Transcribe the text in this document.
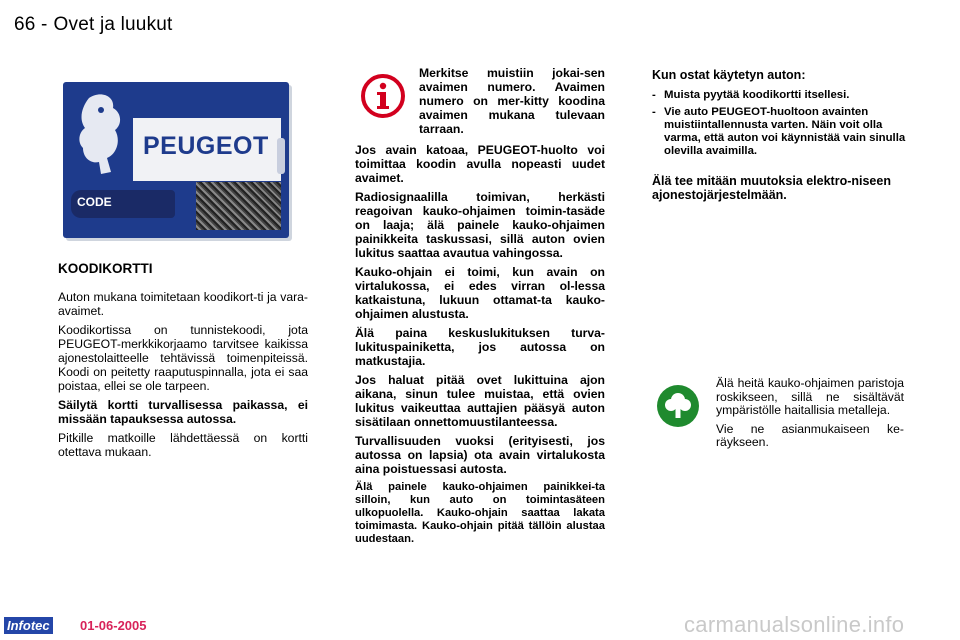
66 - Ovet ja luukut
PEUGEOT
CODE
KOODIKORTTI

Auton mukana toimitetaan koodikort-ti ja vara-avaimet.

Koodikortissa on tunnistekoodi, jota PEUGEOT-merkkikorjaamo tarvitsee kaikissa ajonestolaitteelle tehtävissä toimenpiteissä. Koodi on peitetty raaputuspinnalla, jota ei saa poistaa, ellei se ole tarpeen.

Säilytä kortti turvallisessa paikassa, ei missään tapauksessa autossa.

Pitkille matkoille lähdettäessä on kortti otettava mukaan.

Merkitse muistiin jokai-sen avaimen numero. Avaimen numero on mer-kitty koodina avaimen mukana tulevaan tarraan.

Jos avain katoaa, PEUGEOT-huolto voi toimittaa koodin avulla nopeasti uudet avaimet.

Radiosignaalilla toimivan, herkästi reagoivan kauko-ohjaimen toimin-tasäde on laaja; älä painele kauko-ohjaimen painikkeita taskussasi, sillä auton ovien lukitus saattaa avautua vahingossa.

Kauko-ohjain ei toimi, kun avain on virtalukossa, ei edes virran ol-lessa katkaistuna, lukuun ottamat-ta kauko-ohjaimen alustusta.

Älä paina keskuslukituksen turva-lukituspainiketta, jos autossa on matkustajia.

Jos haluat pitää ovet lukittuina ajon aikana, sinun tulee muistaa, että ovien lukitus vaikeuttaa auttajien pääsyä auton sisätilaan onnettomuustilanteessa.

Turvallisuuden vuoksi (erityisesti, jos autossa on lapsia) ota avain virtalukosta aina poistuessasi autosta.

Älä painele kauko-ohjaimen painikkei-ta silloin, kun auto on toimintasäteen ulkopuolella. Kauko-ohjain saattaa lakata toimimasta. Kauko-ohjain pitää tällöin alustaa uudestaan.

Kun ostat käytetyn auton:
- Muista pyytää koodikortti itsellesi.
- Vie auto PEUGEOT-huoltoon avainten muistiintallennusta varten. Näin voit olla varma, että auton voi käynnistää vain sinulla olevilla avaimilla.
Älä tee mitään muutoksia elektro-niseen ajonestojärjestelmään.

Älä heitä kauko-ohjaimen paristoja roskikseen, sillä ne sisältävät ympäristölle haitallisia metalleja.

Vie ne asianmukaiseen ke-räykseen.

Infotec 01-06-2005	carmanualsonline.info
